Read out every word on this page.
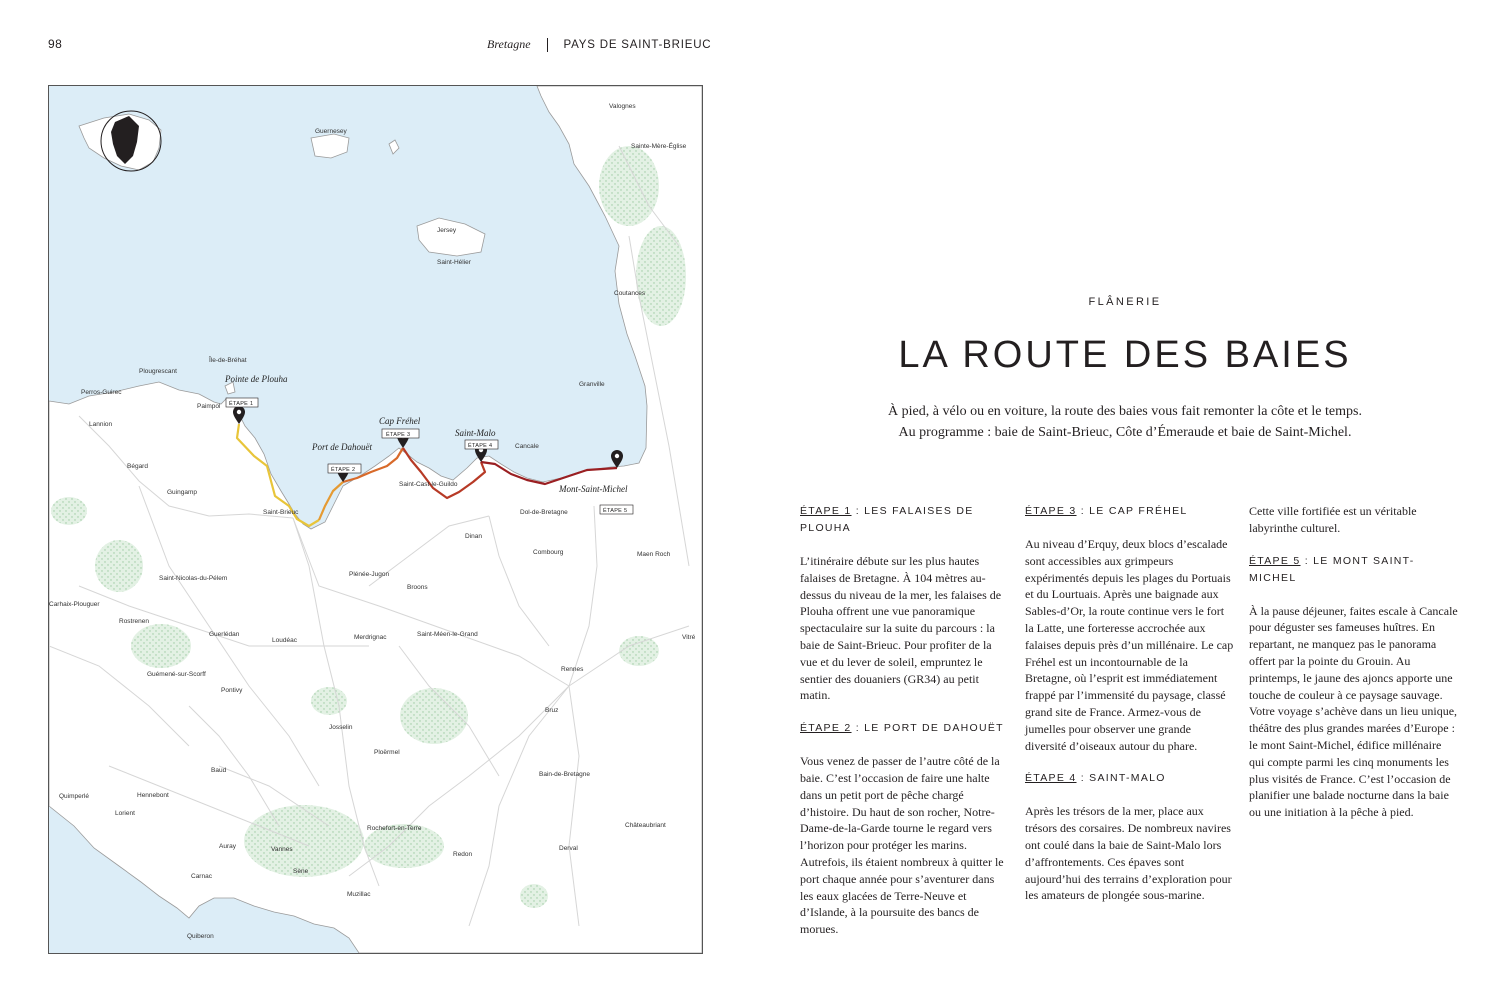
98	Bretagne	PAYS DE SAINT-BRIEUC
ÉTAPE 1
ÉTAPE 2
ÉTAPE 3
ÉTAPE 4
ÉTAPE 5
Pointe de Plouha
Port de Dahouët
Cap Fréhel
Saint-Malo
Mont-Saint-Michel
Valognes
Sainte-Mère-Église
Guernesey
Jersey
Saint-Hélier
Coutances
Granville
Île-de-Bréhat
Plougrescant
Perros-Guirec
Paimpol
Lannion
Bégard
Guingamp
Saint-Brieuc
Cancale
Saint-Cast-le-Guildo
Dol-de-Bretagne
Dinan
Combourg	Maen Roch
Saint-Nicolas-du-Pélem
Plénée-Jugon
Broons
Carhaix-Plouguer
Rostrenen
Guerlédan
Loudéac	Merdrignac	Saint-Méen-le-Grand
Rennes
Vitré
Guémené-sur-Scorff
Pontivy
Josselin
Ploërmel
Bruz
Quimperlé
Baud
Bain-de-Bretagne
Hennebont
Lorient
Rochefort-en-Terre	Châteaubriant
Auray	Vannes
Redon
Derval
Sène
Carnac
Muzillac
Quiberon
FLÂNERIE
LA ROUTE DES BAIES
À pied, à vélo ou en voiture, la route des baies vous fait remonter la côte et le temps. Au programme : baie de Saint-Brieuc, Côte d’Émeraude et baie de Saint-Michel.
ÉTAPE 1 : LES FALAISES DE PLOUHA

L’itinéraire débute sur les plus hautes falaises de Bretagne. À 104 mètres au-dessus du niveau de la mer, les falaises de Plouha offrent une vue panoramique spectaculaire sur la suite du parcours : la baie de Saint-Brieuc. Pour profiter de la vue et du lever de soleil, empruntez le sentier des douaniers (GR34) au petit matin.

ÉTAPE 2 : LE PORT DE DAHOUËT

Vous venez de passer de l’autre côté de la baie. C’est l’occasion de faire une halte dans un petit port de pêche chargé d’histoire. Du haut de son rocher, Notre-Dame-de-la-Garde tourne le regard vers l’horizon pour protéger les marins. Autrefois, ils étaient nombreux à quitter le port chaque année pour s’aventurer dans les eaux glacées de Terre-Neuve et d’Islande, à la poursuite des bancs de morues.

ÉTAPE 3 : LE CAP FRÉHEL

Au niveau d’Erquy, deux blocs d’escalade sont accessibles aux grimpeurs expérimentés depuis les plages du Portuais et du Lourtuais. Après une baignade aux Sables-d’Or, la route continue vers le fort la Latte, une forteresse accrochée aux falaises depuis près d’un millénaire. Le cap Fréhel est un incontournable de la Bretagne, où l’esprit est immédiatement frappé par l’immensité du paysage, classé grand site de France. Armez-vous de jumelles pour observer une grande diversité d’oiseaux autour du phare.

ÉTAPE 4 : SAINT-MALO

Après les trésors de la mer, place aux trésors des corsaires. De nombreux navires ont coulé dans la baie de Saint-Malo lors d’affrontements. Ces épaves sont aujourd’hui des terrains d’exploration pour les amateurs de plongée sous-marine.

Cette ville fortifiée est un véritable labyrinthe culturel.

ÉTAPE 5 : LE MONT SAINT-MICHEL

À la pause déjeuner, faites escale à Cancale pour déguster ses fameuses huîtres. En repartant, ne manquez pas le panorama offert par la pointe du Grouin. Au printemps, le jaune des ajoncs apporte une touche de couleur à ce paysage sauvage. Votre voyage s’achève dans un lieu unique, théâtre des plus grandes marées d’Europe : le mont Saint-Michel, édifice millénaire qui compte parmi les cinq monuments les plus visités de France. C’est l’occasion de planifier une balade nocturne dans la baie ou une initiation à la pêche à pied.
